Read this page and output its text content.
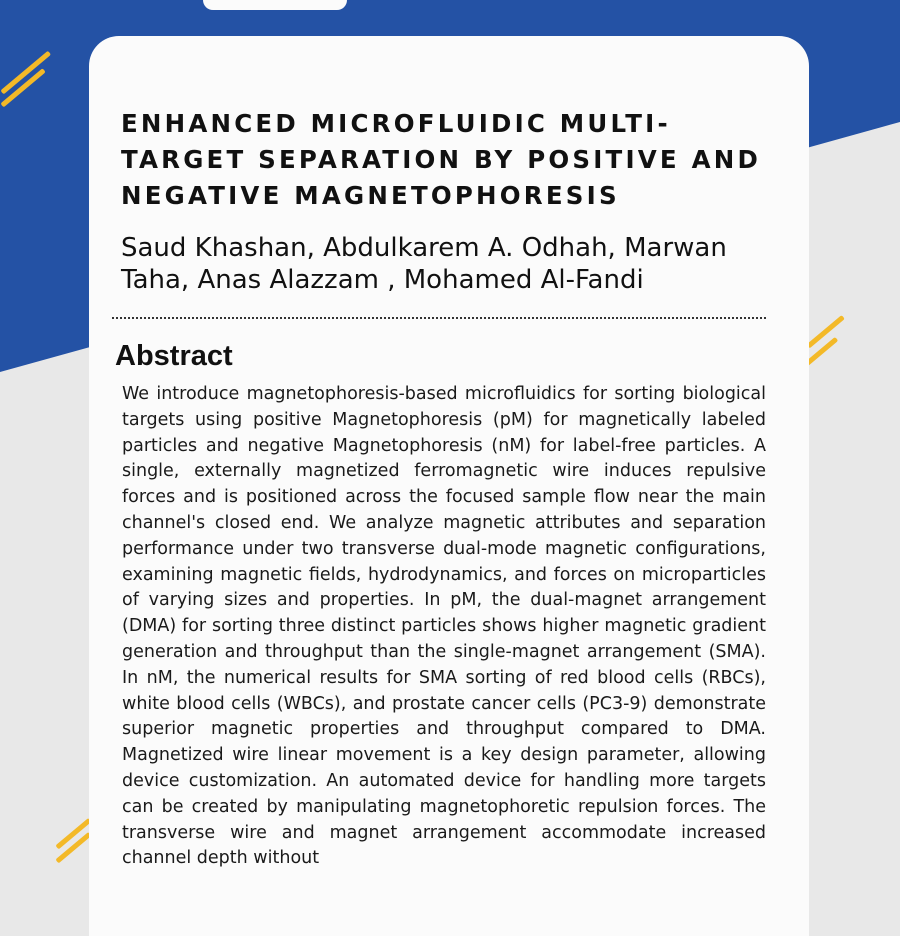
ENHANCED MICROFLUIDIC MULTI-TARGET SEPARATION BY POSITIVE AND NEGATIVE MAGNETOPHORESIS

Saud Khashan, Abdulkarem A. Odhah, Marwan Taha, Anas Alazzam , Mohamed Al-Fandi

Abstract

We introduce magnetophoresis-based microfluidics for sorting biological targets using positive Magnetophoresis (pM) for magnetically labeled particles and negative Magnetophoresis (nM) for label-free particles. A single, externally magnetized ferromagnetic wire induces repulsive forces and is positioned across the focused sample flow near the main channel's closed end. We analyze magnetic attributes and separation performance under two transverse dual-mode magnetic configurations, examining magnetic fields, hydrodynamics, and forces on microparticles of varying sizes and properties. In pM, the dual-magnet arrangement (DMA) for sorting three distinct particles shows higher magnetic gradient generation and throughput than the single-magnet arrangement (SMA). In nM, the numerical results for SMA sorting of red blood cells (RBCs), white blood cells (WBCs), and prostate cancer cells (PC3-9) demonstrate superior magnetic properties and throughput compared to DMA. Magnetized wire linear movement is a key design parameter, allowing device customization. An automated device for handling more targets can be created by manipulating magnetophoretic repulsion forces. The transverse wire and magnet arrangement accommodate increased channel depth without
